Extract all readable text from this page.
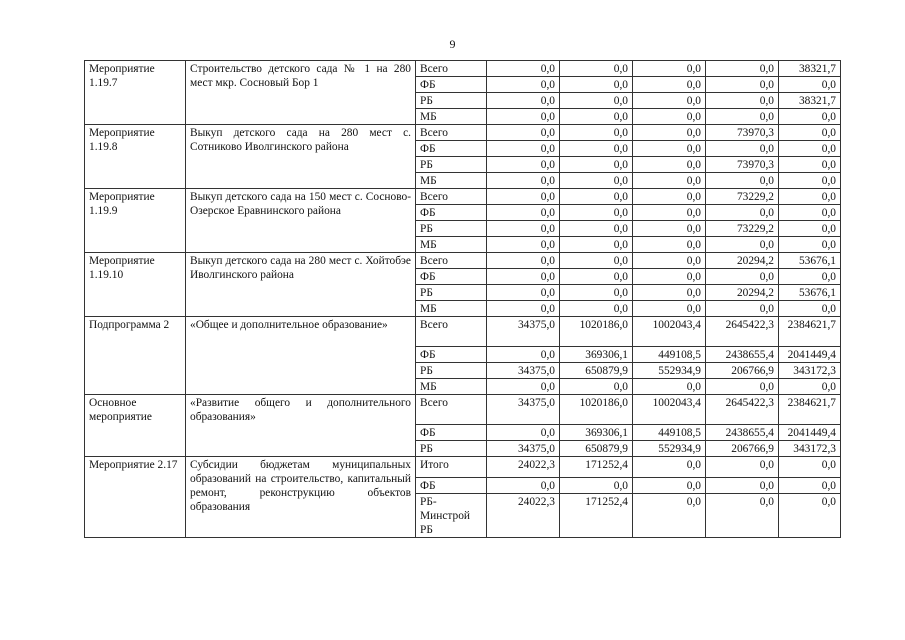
9
Мероприятие 1.19.7	Строительство детского сада № 1 на 280 мест мкр. Сосновый Бор 1	Всего	0,0	0,0	0,0	0,0	38321,7
		ФБ	0,0	0,0	0,0	0,0	0,0
		РБ	0,0	0,0	0,0	0,0	38321,7
		МБ	0,0	0,0	0,0	0,0	0,0
Мероприятие 1.19.8	Выкуп детского сада на 280 мест с. Сотниково Иволгинского района	Всего	0,0	0,0	0,0	73970,3	0,0
		ФБ	0,0	0,0	0,0	0,0	0,0
		РБ	0,0	0,0	0,0	73970,3	0,0
		МБ	0,0	0,0	0,0	0,0	0,0
Мероприятие 1.19.9	Выкуп детского сада на 150 мест с. Сосново-Озерское Еравнинского района	Всего	0,0	0,0	0,0	73229,2	0,0
		ФБ	0,0	0,0	0,0	0,0	0,0
		РБ	0,0	0,0	0,0	73229,2	0,0
		МБ	0,0	0,0	0,0	0,0	0,0
Мероприятие 1.19.10	Выкуп детского сада на 280 мест с. Хойтобэе Иволгинского района	Всего	0,0	0,0	0,0	20294,2	53676,1
		ФБ	0,0	0,0	0,0	0,0	0,0
		РБ	0,0	0,0	0,0	20294,2	53676,1
		МБ	0,0	0,0	0,0	0,0	0,0
Подпрограмма 2	«Общее и дополнительное образование»	Всего	34375,0	1020186,0	1002043,4	2645422,3	2384621,7
		ФБ	0,0	369306,1	449108,5	2438655,4	2041449,4
		РБ	34375,0	650879,9	552934,9	206766,9	343172,3
		МБ	0,0	0,0	0,0	0,0	0,0
Основное мероприятие	«Развитие общего и дополнительного образования»	Всего	34375,0	1020186,0	1002043,4	2645422,3	2384621,7
		ФБ	0,0	369306,1	449108,5	2438655,4	2041449,4
		РБ	34375,0	650879,9	552934,9	206766,9	343172,3
Мероприятие 2.17	Субсидии бюджетам муниципальных образований на строительство, капитальный ремонт, реконструкцию объектов образования	Итого	24022,3	171252,4	0,0	0,0	0,0
		ФБ	0,0	0,0	0,0	0,0	0,0
		РБ-Минстрой РБ	24022,3	171252,4	0,0	0,0	0,0
